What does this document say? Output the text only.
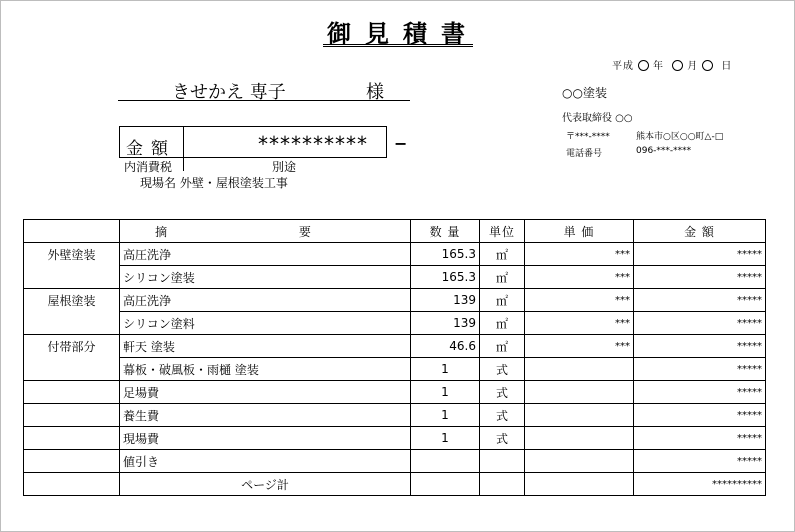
御見積書
平成 年 月 日
きせかえ 専子	様	○○塗装
代表取締役 ○○
〒***-****	熊本市○区○○町△-□
電話番号	096-***-****
金額	********** −
内消費税	別途
現場名 外壁・屋根塗装工事
	摘 要	数 量	単位	単 価	金 額
外壁塗装	高圧洗浄	165.3	㎡	***	*****
	シリコン塗装	165.3	㎡	***	*****
屋根塗装	高圧洗浄	139	㎡	***	*****
	シリコン塗料	139	㎡	***	*****
付帯部分	軒天 塗装	46.6	㎡	***	*****
	幕板・破風板・雨樋 塗装	1	式		*****
	足場費	1	式		*****
	養生費	1	式		*****
	現場費	1	式		*****
	値引き				*****
	ページ計				**********
